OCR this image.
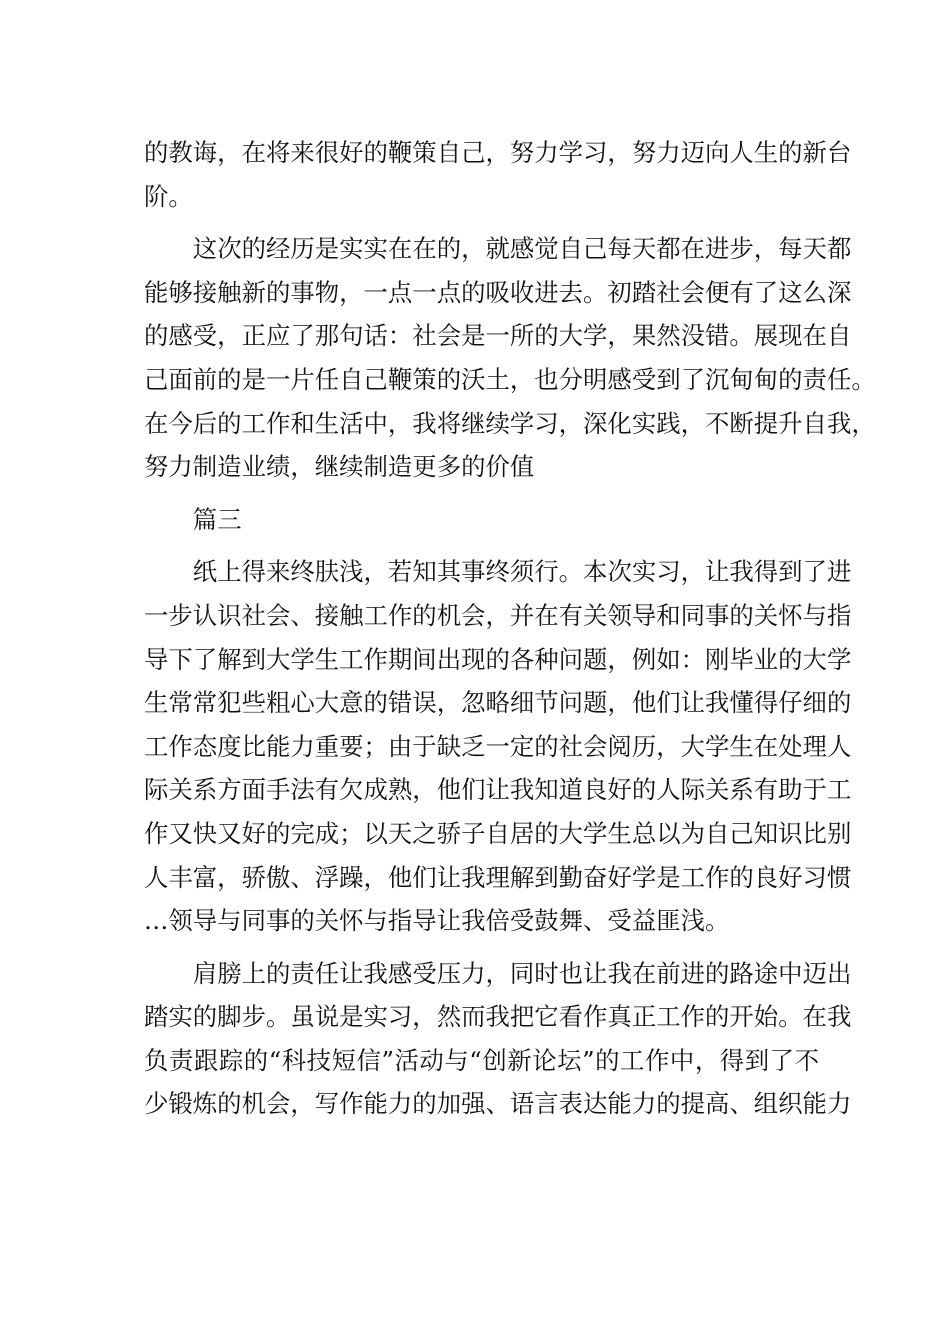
的教诲，在将来很好的鞭策自己，努力学习，努力迈向人生的新台
阶。
这次的经历是实实在在的，就感觉自己每天都在进步，每天都
能够接触新的事物，一点一点的吸收进去。初踏社会便有了这么深
的感受，正应了那句话：社会是一所的大学，果然没错。展现在自
己面前的是一片任自己鞭策的沃土，也分明感受到了沉甸甸的责任。
在今后的工作和生活中，我将继续学习，深化实践，不断提升自我，
努力制造业绩，继续制造更多的价值
篇三
纸上得来终肤浅，若知其事终须行。本次实习，让我得到了进
一步认识社会、接触工作的机会，并在有关领导和同事的关怀与指
导下了解到大学生工作期间出现的各种问题，例如：刚毕业的大学
生常常犯些粗心大意的错误，忽略细节问题，他们让我懂得仔细的
工作态度比能力重要；由于缺乏一定的社会阅历，大学生在处理人
际关系方面手法有欠成熟，他们让我知道良好的人际关系有助于工
作又快又好的完成；以天之骄子自居的大学生总以为自己知识比别
人丰富，骄傲、浮躁，他们让我理解到勤奋好学是工作的良好习惯
…领导与同事的关怀与指导让我倍受鼓舞、受益匪浅。
肩膀上的责任让我感受压力，同时也让我在前进的路途中迈出
踏实的脚步。虽说是实习，然而我把它看作真正工作的开始。在我
负责跟踪的“科技短信”活动与“创新论坛”的工作中，得到了不
少锻炼的机会，写作能力的加强、语言表达能力的提高、组织能力
